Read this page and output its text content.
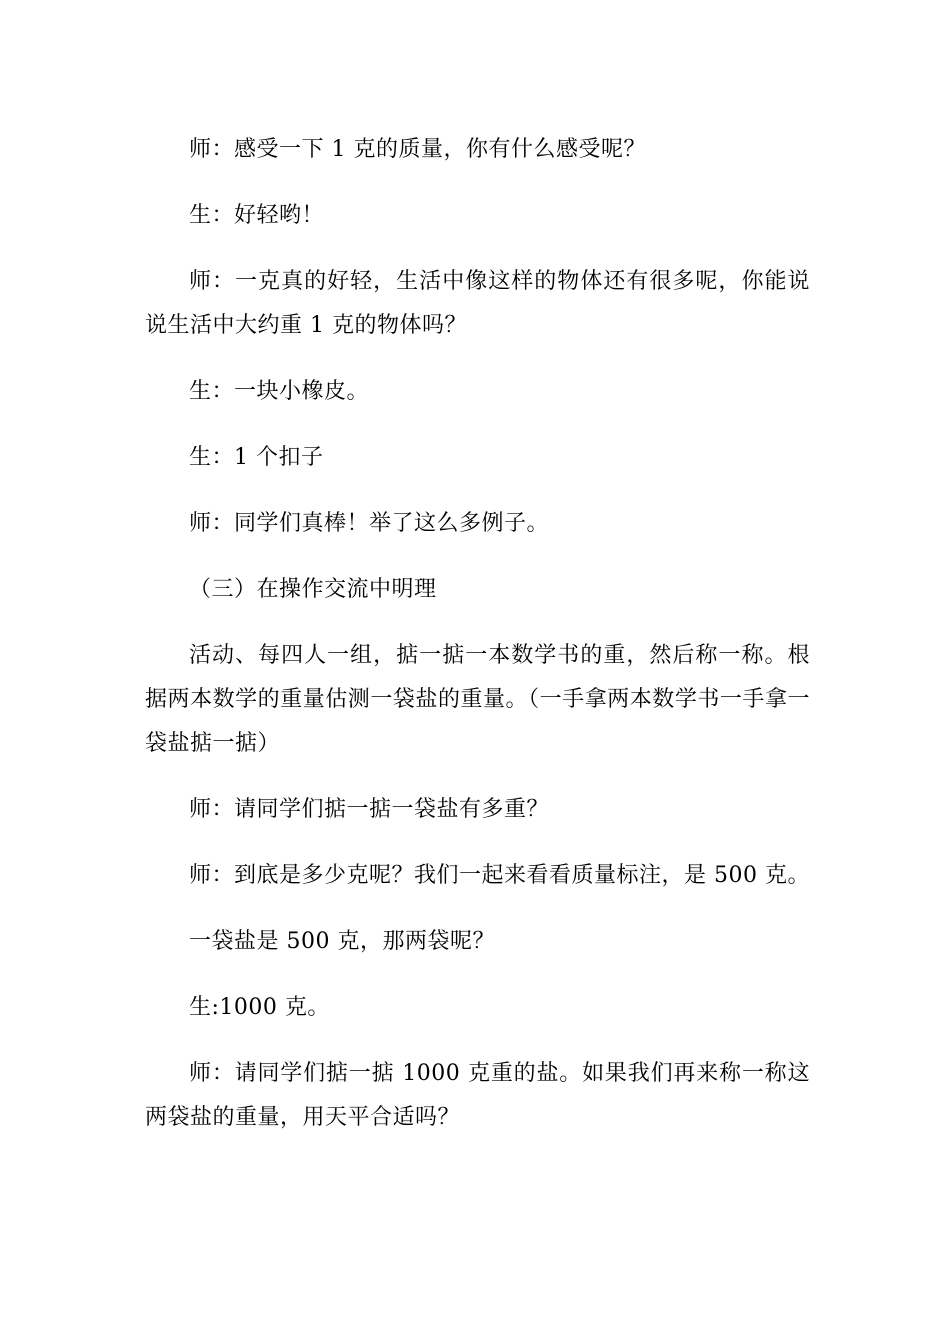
师：感受一下 1 克的质量，你有什么感受呢？

生：好轻哟！

师：一克真的好轻，生活中像这样的物体还有很多呢，你能说说生活中大约重 1 克的物体吗？

生：一块小橡皮。

生：1 个扣子

师：同学们真棒！举了这么多例子。

（三）在操作交流中明理

活动、每四人一组，掂一掂一本数学书的重，然后称一称。根据两本数学的重量估测一袋盐的重量。（一手拿两本数学书一手拿一袋盐掂一掂）

师：请同学们掂一掂一袋盐有多重？

师：到底是多少克呢？我们一起来看看质量标注，是 500 克。

一袋盐是 500 克，那两袋呢？

生:1000 克。

师：请同学们掂一掂 1000 克重的盐。如果我们再来称一称这两袋盐的重量，用天平合适吗？
